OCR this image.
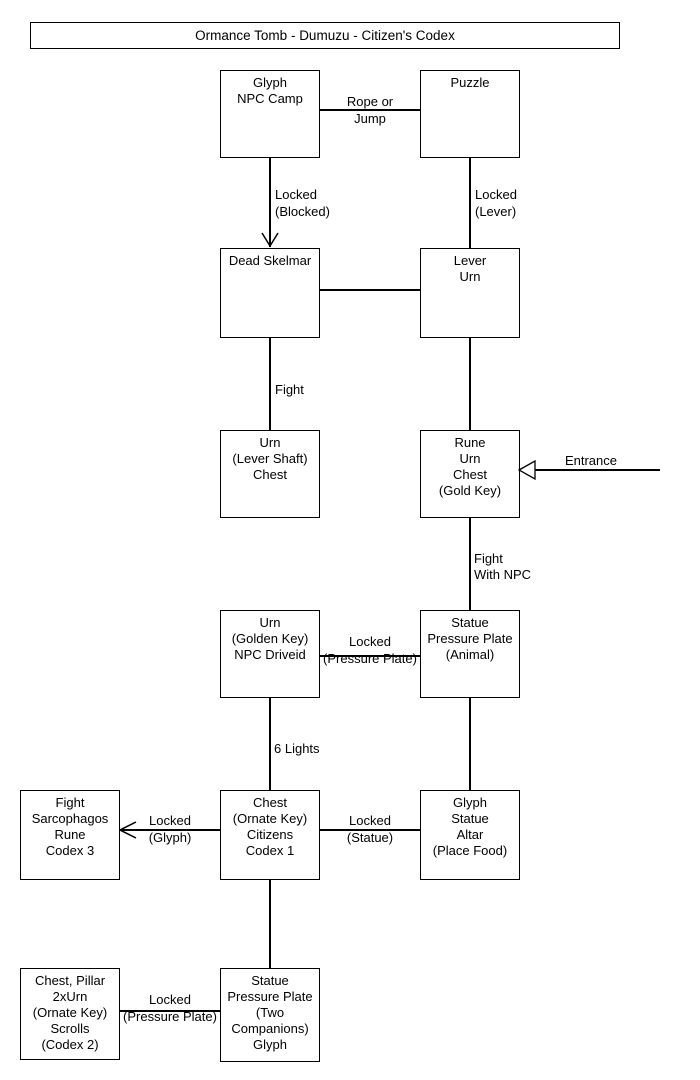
Ormance Tomb - Dumuzu - Citizen's Codex
Glyph
NPC Camp
Puzzle
Dead Skelmar	Lever
Urn
Urn
(Lever Shaft)
Chest
Rune
Urn
Chest
(Gold Key)
Urn
(Golden Key)
NPC Driveid
Statue
Pressure Plate
(Animal)
Fight
Sarcophagos
Rune
Codex 3
Chest
(Ornate Key)
Citizens
Codex 1
Glyph
Statue
Altar
(Place Food)
Chest, Pillar
2xUrn
(Ornate Key)
Scrolls
(Codex 2)
Statue
Pressure Plate
(Two
Companions)
Glyph
Rope or
Jump
Locked
(Blocked)
Locked
(Lever)
Fight
Entrance
Fight
With NPC
Locked
(Pressure Plate)
6 Lights
Locked
(Glyph)
Locked
(Statue)
Locked
(Pressure Plate)
